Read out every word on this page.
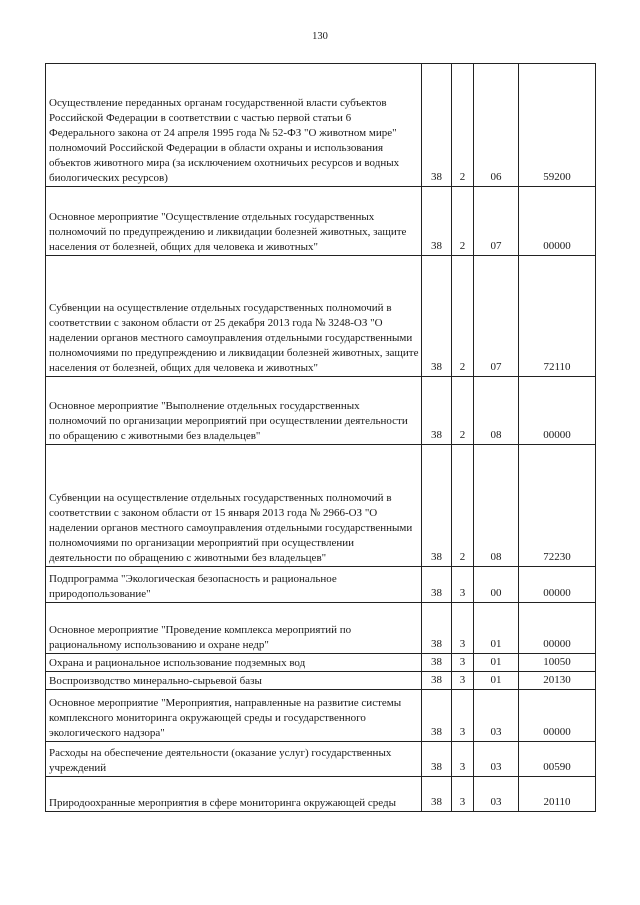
130
Осуществление переданных органам государственной власти субъектов Российской Федерации в соответствии с частью первой статьи 6 Федерального закона от 24 апреля 1995 года № 52-ФЗ "О животном мире" полномочий Российской Федерации в области охраны и использования объектов животного мира (за исключением охотничьих ресурсов и водных биологических ресурсов)	38	2	06	59200
Основное мероприятие "Осуществление отдельных государственных полномочий по предупреждению и ликвидации болезней животных, защите населения от болезней, общих для человека и животных"	38	2	07	00000
Субвенции на осуществление отдельных государственных полномочий в соответствии с законом области от 25 декабря 2013 года № 3248-ОЗ "О наделении органов местного самоуправления отдельными государственными полномочиями по предупреждению и ликвидации болезней животных, защите населения от болезней, общих для человека и животных"	38	2	07	72110
Основное мероприятие "Выполнение отдельных государственных полномочий по организации мероприятий при осуществлении деятельности по обращению с животными без владельцев"	38	2	08	00000
Субвенции на осуществление отдельных государственных полномочий в соответствии с законом области от 15 января 2013 года № 2966-ОЗ "О наделении органов местного самоуправления отдельными государственными полномочиями по организации мероприятий при осуществлении деятельности по обращению с животными без владельцев"	38	2	08	72230
Подпрограмма "Экологическая безопасность и рациональное природопользование"	38	3	00	00000
Основное мероприятие "Проведение комплекса мероприятий по рациональному использованию и охране недр"	38	3	01	00000
Охрана и рациональное использование подземных вод	38	3	01	10050
Воспроизводство минерально-сырьевой базы	38	3	01	20130
Основное мероприятие "Мероприятия, направленные на развитие системы комплексного мониторинга окружающей среды и государственного экологического надзора"	38	3	03	00000
Расходы на обеспечение деятельности (оказание услуг) государственных учреждений	38	3	03	00590
Природоохранные мероприятия в сфере мониторинга окружающей среды	38	3	03	20110
